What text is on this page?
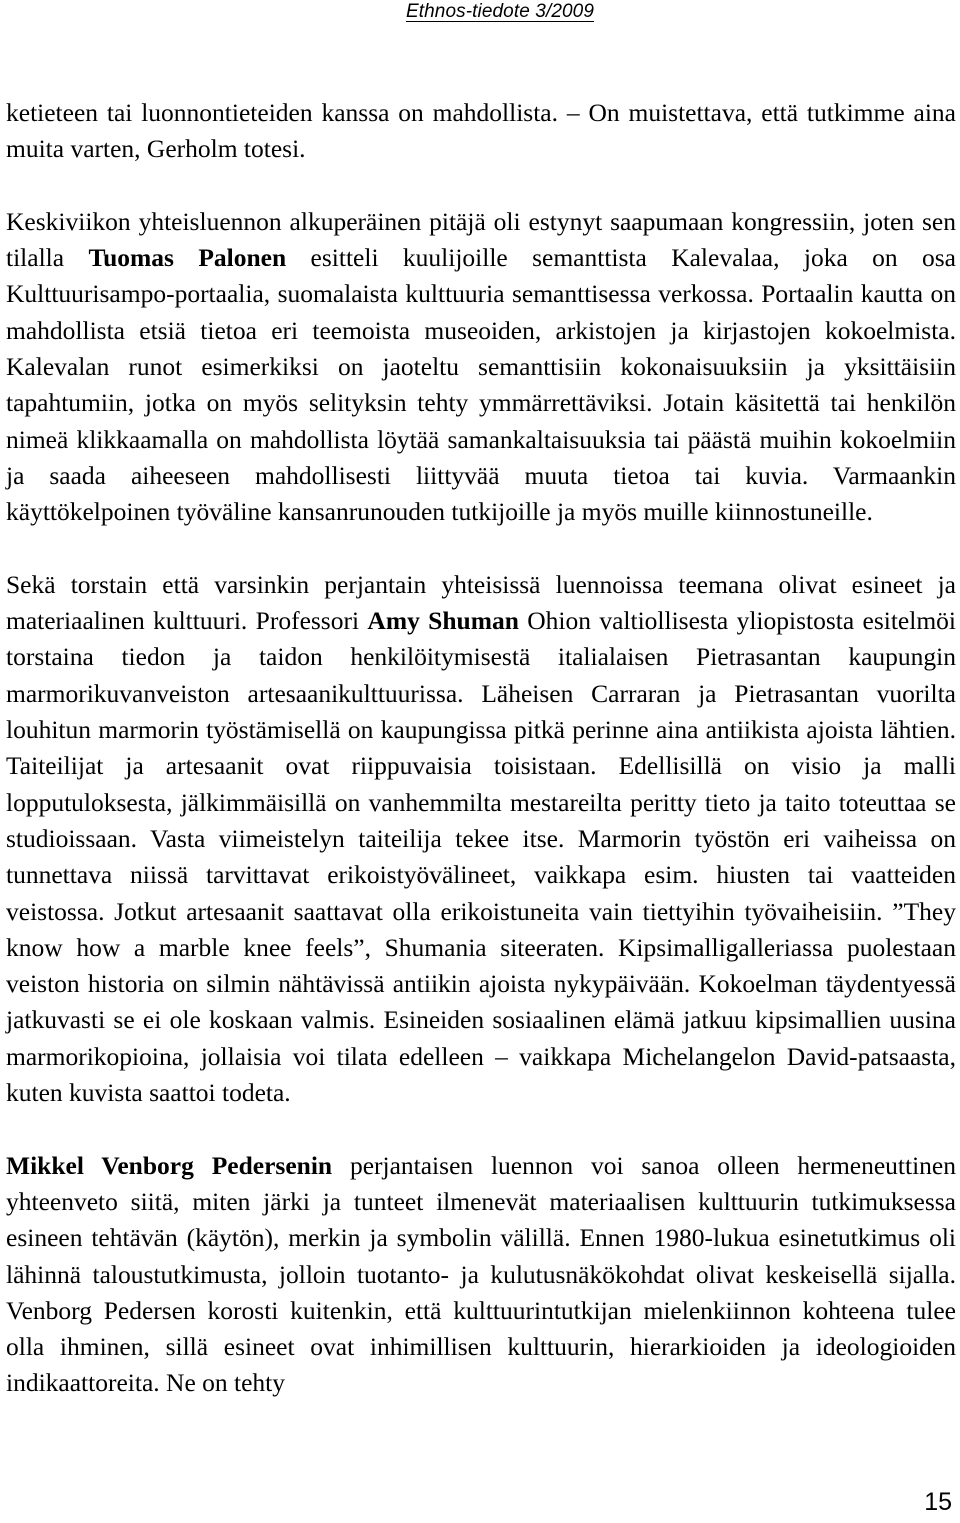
Ethnos-tiedote 3/2009

ketieteen tai luonnontieteiden kanssa on mahdollista. – On muistettava, että tutkimme aina muita varten, Gerholm totesi.

Keskiviikon yhteisluennon alkuperäinen pitäjä oli estynyt saapumaan kongressiin, joten sen tilalla Tuomas Palonen esitteli kuulijoille semanttista Kalevalaa, joka on osa Kulttuurisampo-portaalia, suomalaista kulttuuria semanttisessa verkossa. Portaalin kautta on mahdollista etsiä tietoa eri teemoista museoiden, arkistojen ja kirjastojen kokoelmista. Kalevalan runot esimerkiksi on jaoteltu semanttisiin kokonaisuuksiin ja yksittäisiin tapahtumiin, jotka on myös selityksin tehty ymmärrettäviksi. Jotain käsitettä tai henkilön nimeä klikkaamalla on mahdollista löytää samankaltaisuuksia tai päästä muihin kokoelmiin ja saada aiheeseen mahdollisesti liittyvää muuta tietoa tai kuvia. Varmaankin käyttökelpoinen työväline kansanrunouden tutkijoille ja myös muille kiinnostuneille.

Sekä torstain että varsinkin perjantain yhteisissä luennoissa teemana olivat esineet ja materiaalinen kulttuuri. Professori Amy Shuman Ohion valtiollisesta yliopistosta esitelmöi torstaina tiedon ja taidon henkilöitymisestä italialaisen Pietrasantan kaupungin marmorikuvanveiston artesaanikulttuurissa. Läheisen Carraran ja Pietrasantan vuorilta louhitun marmorin työstämisellä on kaupungissa pitkä perinne aina antiikista ajoista lähtien. Taiteilijat ja artesaanit ovat riippuvaisia toisistaan. Edellisillä on visio ja malli lopputuloksesta, jälkimmäisillä on vanhemmilta mestareilta peritty tieto ja taito toteuttaa se studioissaan. Vasta viimeistelyn taiteilija tekee itse. Marmorin työstön eri vaiheissa on tunnettava niissä tarvittavat erikoistyövälineet, vaikkapa esim. hiusten tai vaatteiden veistossa. Jotkut artesaanit saattavat olla erikoistuneita vain tiettyihin työvaiheisiin. ”They know how a marble knee feels”, Shumania siteeraten. Kipsimalligalleriassa puolestaan veiston historia on silmin nähtävissä antiikin ajoista nykypäivään. Kokoelman täydentyessä jatkuvasti se ei ole koskaan valmis. Esineiden sosiaalinen elämä jatkuu kipsimallien uusina marmorikopioina, jollaisia voi tilata edelleen – vaikkapa Michelangelon David-patsaasta, kuten kuvista saattoi todeta.

Mikkel Venborg Pedersenin perjantaisen luennon voi sanoa olleen hermeneuttinen yhteenveto siitä, miten järki ja tunteet ilmenevät materiaalisen kulttuurin tutkimuksessa esineen tehtävän (käytön), merkin ja symbolin välillä. Ennen 1980-lukua esinetutkimus oli lähinnä taloustutkimusta, jolloin tuotanto- ja kulutusnäkökohdat olivat keskeisellä sijalla. Venborg Pedersen korosti kuitenkin, että kulttuurintutkijan mielenkiinnon kohteena tulee olla ihminen, sillä esineet ovat inhimillisen kulttuurin, hierarkioiden ja ideologioiden indikaattoreita. Ne on tehty

15
